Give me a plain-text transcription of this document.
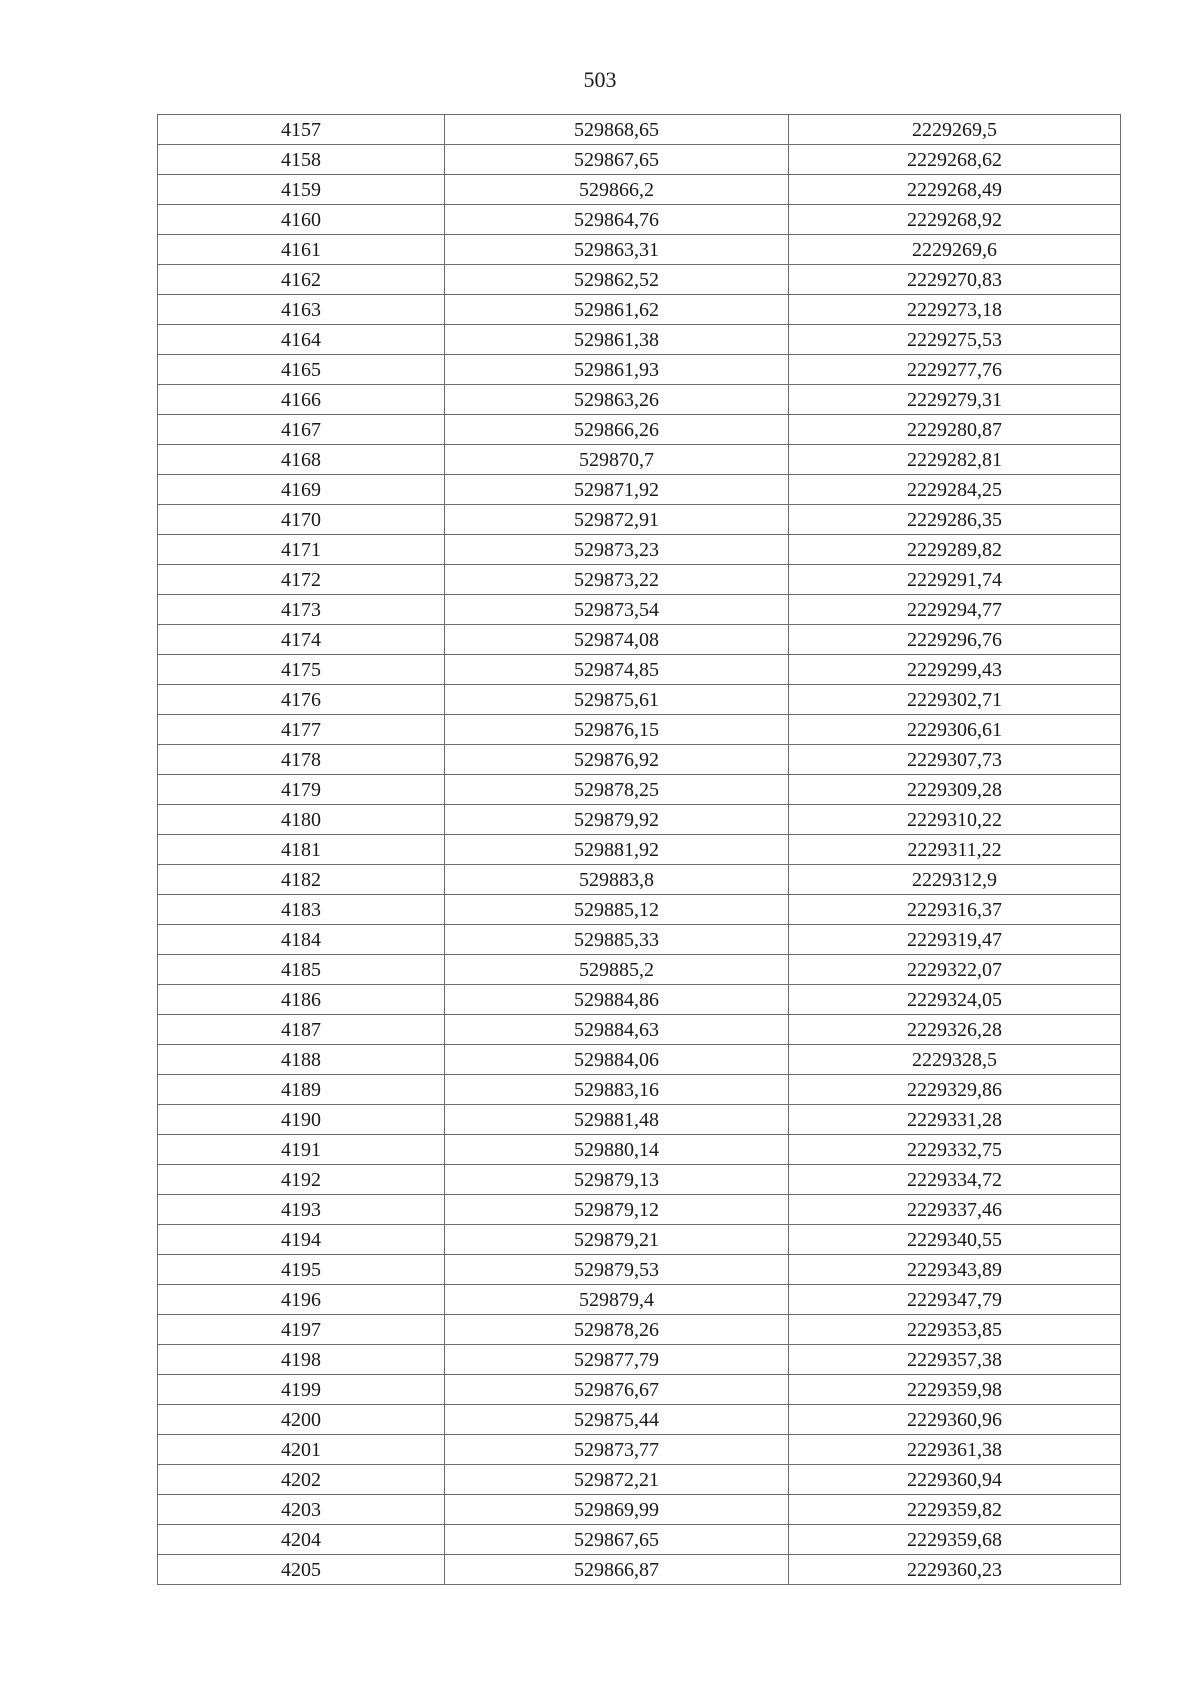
503
4157	529868,65	2229269,5
4158	529867,65	2229268,62
4159	529866,2	2229268,49
4160	529864,76	2229268,92
4161	529863,31	2229269,6
4162	529862,52	2229270,83
4163	529861,62	2229273,18
4164	529861,38	2229275,53
4165	529861,93	2229277,76
4166	529863,26	2229279,31
4167	529866,26	2229280,87
4168	529870,7	2229282,81
4169	529871,92	2229284,25
4170	529872,91	2229286,35
4171	529873,23	2229289,82
4172	529873,22	2229291,74
4173	529873,54	2229294,77
4174	529874,08	2229296,76
4175	529874,85	2229299,43
4176	529875,61	2229302,71
4177	529876,15	2229306,61
4178	529876,92	2229307,73
4179	529878,25	2229309,28
4180	529879,92	2229310,22
4181	529881,92	2229311,22
4182	529883,8	2229312,9
4183	529885,12	2229316,37
4184	529885,33	2229319,47
4185	529885,2	2229322,07
4186	529884,86	2229324,05
4187	529884,63	2229326,28
4188	529884,06	2229328,5
4189	529883,16	2229329,86
4190	529881,48	2229331,28
4191	529880,14	2229332,75
4192	529879,13	2229334,72
4193	529879,12	2229337,46
4194	529879,21	2229340,55
4195	529879,53	2229343,89
4196	529879,4	2229347,79
4197	529878,26	2229353,85
4198	529877,79	2229357,38
4199	529876,67	2229359,98
4200	529875,44	2229360,96
4201	529873,77	2229361,38
4202	529872,21	2229360,94
4203	529869,99	2229359,82
4204	529867,65	2229359,68
4205	529866,87	2229360,23
